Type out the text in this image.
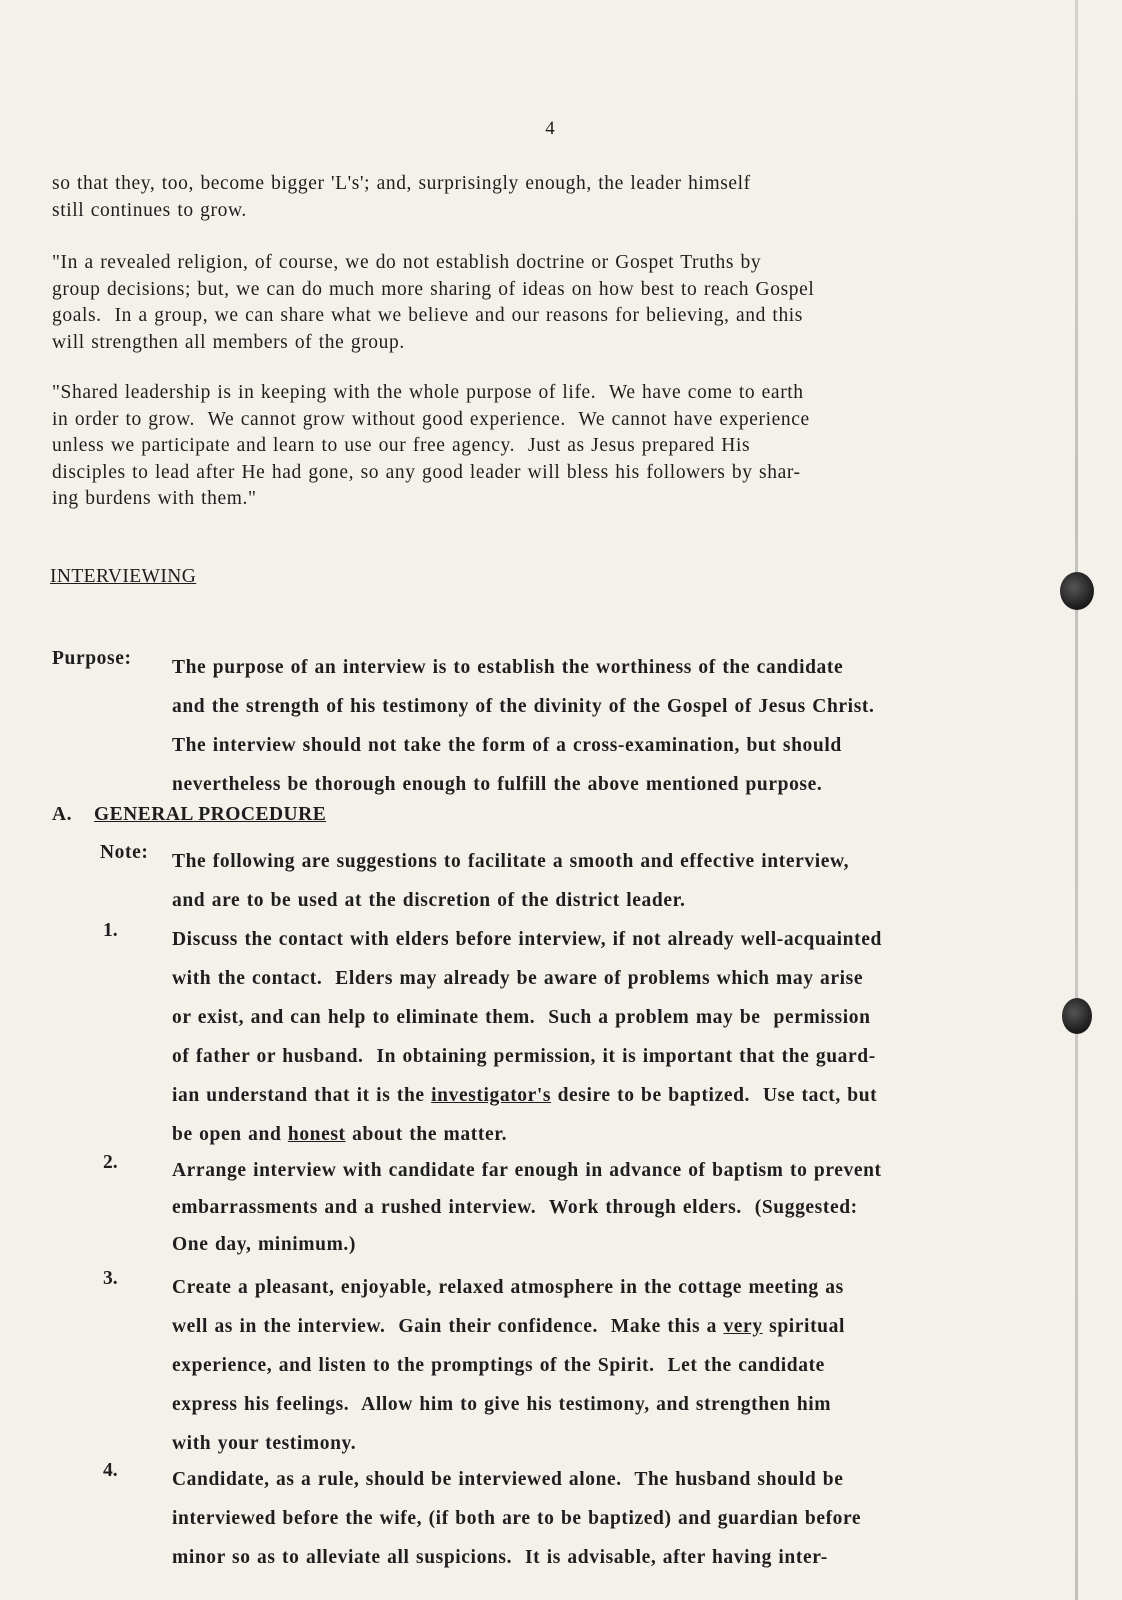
4
so that they, too, become bigger 'L's'; and, surprisingly enough, the leader himself
still continues to grow.
"In a revealed religion, of course, we do not establish doctrine or Gospet Truths by
group decisions; but, we can do much more sharing of ideas on how best to reach Gospel
goals.  In a group, we can share what we believe and our reasons for believing, and this
will strengthen all members of the group.
"Shared leadership is in keeping with the whole purpose of life.  We have come to earth
in order to grow.  We cannot grow without good experience.  We cannot have experience
unless we participate and learn to use our free agency.  Just as Jesus prepared His
disciples to lead after He had gone, so any good leader will bless his followers by shar-
ing burdens with them."
INTERVIEWING
Purpose: The purpose of an interview is to establish the worthiness of the candidate
and the strength of his testimony of the divinity of the Gospel of Jesus Christ.
The interview should not take the form of a cross-examination, but should
nevertheless be thorough enough to fulfill the above mentioned purpose.
A. GENERAL PROCEDURE
Note: The following are suggestions to facilitate a smooth and effective interview,
and are to be used at the discretion of the district leader.
1.	Discuss the contact with elders before interview, if not already well-acquainted
with the contact.  Elders may already be aware of problems which may arise
or exist, and can help to eliminate them.  Such a problem may be  permission
of father or husband.  In obtaining permission, it is important that the guard-
ian understand that it is the investigator's desire to be baptized.  Use tact, but
be open and honest about the matter.
2.	Arrange interview with candidate far enough in advance of baptism to prevent
embarrassments and a rushed interview.  Work through elders.  (Suggested:
One day, minimum.)
3.	Create a pleasant, enjoyable, relaxed atmosphere in the cottage meeting as
well as in the interview.  Gain their confidence.  Make this a very spiritual
experience, and listen to the promptings of the Spirit.  Let the candidate
express his feelings.  Allow him to give his testimony, and strengthen him
with your testimony.
4.	Candidate, as a rule, should be interviewed alone.  The husband should be
interviewed before the wife, (if both are to be baptized) and guardian before
minor so as to alleviate all suspicions.  It is advisable, after having inter-
